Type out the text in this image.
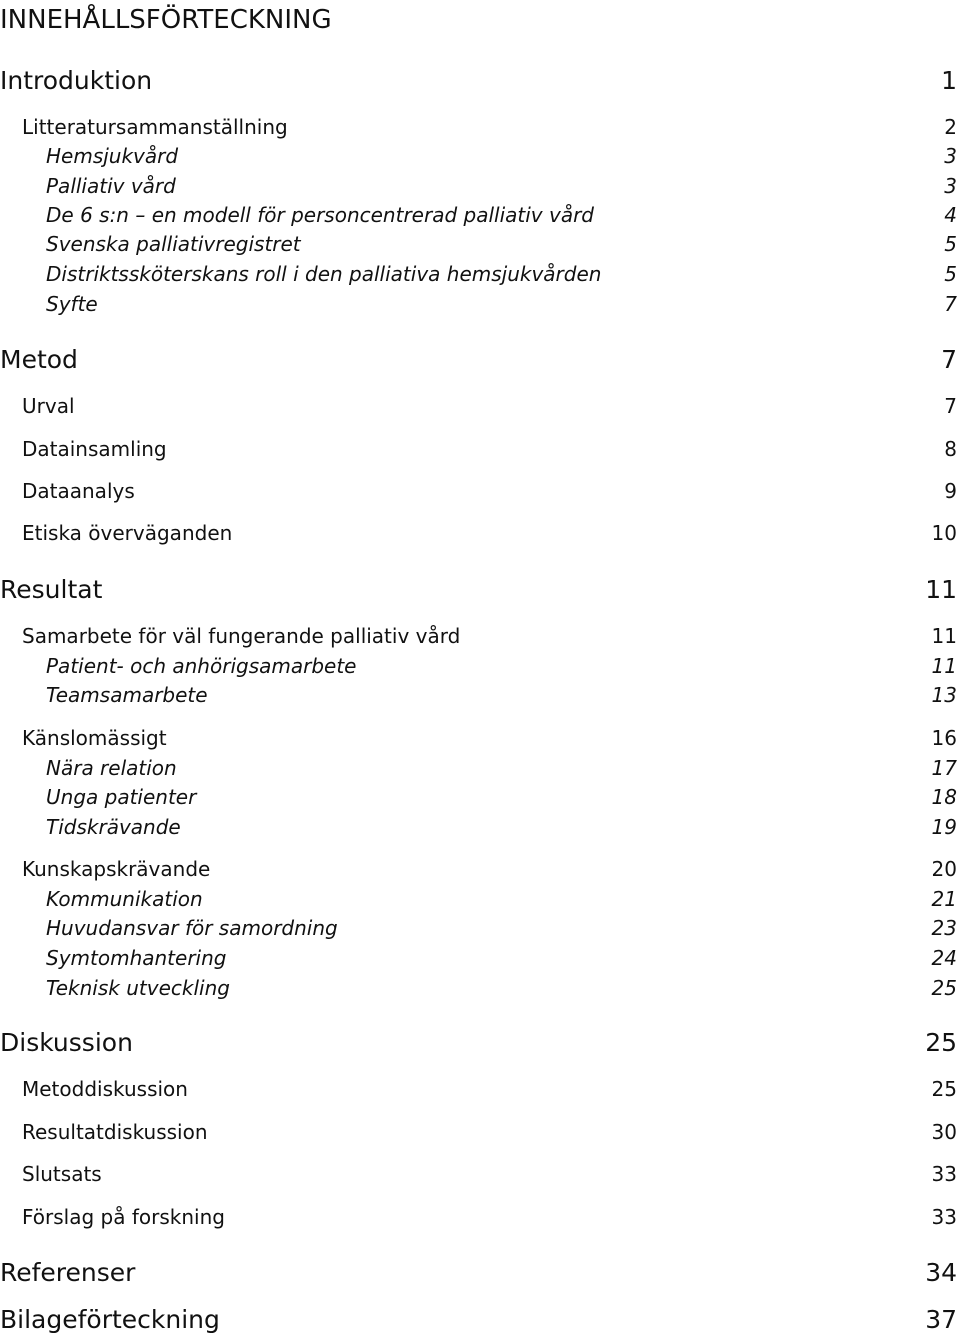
INNEHÅLLSFÖRTECKNING
Introduktion	1
Litteratursammanställning	2
Hemsjukvård	3
Palliativ vård	3
De 6 s:n – en modell för personcentrerad palliativ vård	4
Svenska palliativregistret	5
Distriktssköterskans roll i den palliativa hemsjukvården	5
Syfte	7
Metod	7
Urval	7
Datainsamling	8
Dataanalys	9
Etiska överväganden	10
Resultat	11
Samarbete för väl fungerande palliativ vård	11
Patient- och anhörigsamarbete	11
Teamsamarbete	13
Känslomässigt	16
Nära relation	17
Unga patienter	18
Tidskrävande	19
Kunskapskrävande	20
Kommunikation	21
Huvudansvar för samordning	23
Symtomhantering	24
Teknisk utveckling	25
Diskussion	25
Metoddiskussion	25
Resultatdiskussion	30
Slutsats	33
Förslag på forskning	33
Referenser	34
Bilageförteckning	37
